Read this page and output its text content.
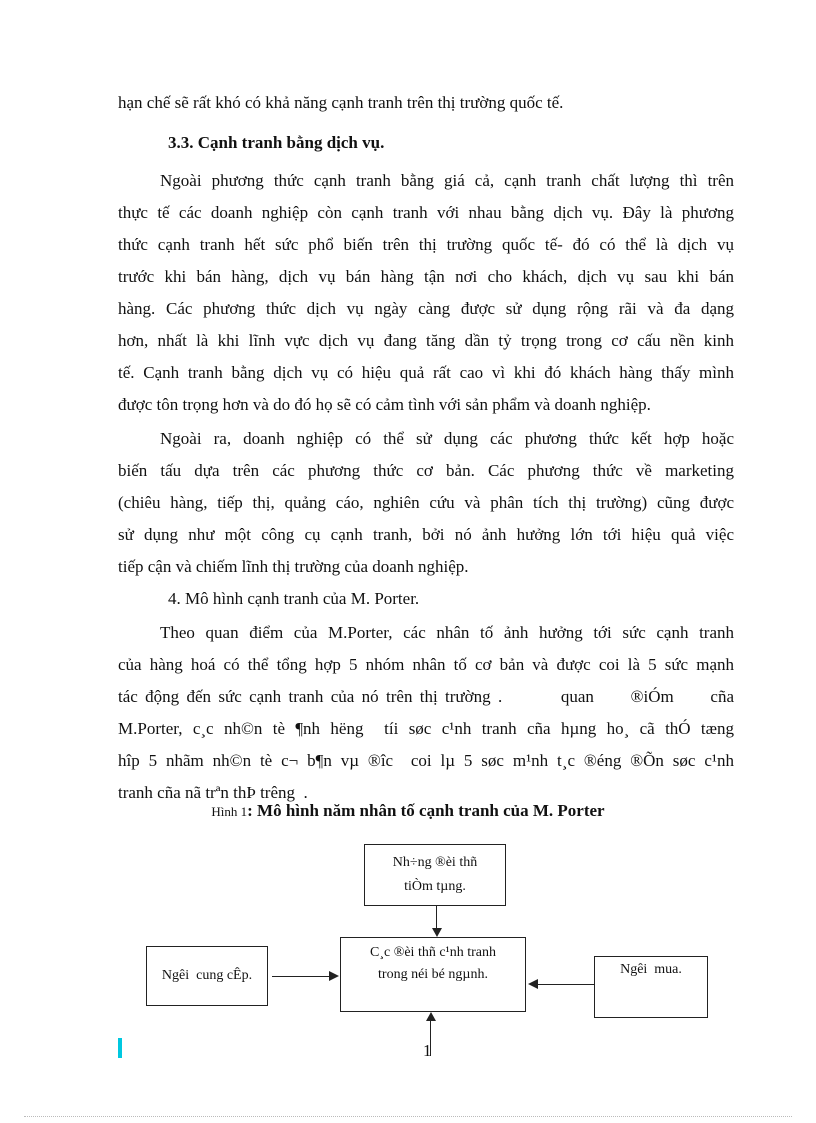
hạn chế sẽ rất khó có khả năng cạnh tranh trên thị trường quốc tế.
3.3. Cạnh tranh bằng dịch vụ.
Ngoài phương thức cạnh tranh bằng giá cả, cạnh tranh chất lượng thì trên
thực tế các doanh nghiệp còn cạnh tranh với nhau bằng dịch vụ. Đây là phương
thức cạnh tranh hết sức phổ biến trên thị trường quốc tế- đó có thể là dịch vụ
trước khi bán hàng, dịch vụ bán hàng tận nơi cho khách, dịch vụ sau khi bán
hàng. Các phương thức dịch vụ ngày càng được sử dụng rộng rãi và đa dạng
hơn, nhất là khi lĩnh vực dịch vụ đang tăng dần tỷ trọng trong cơ cấu nền kinh
tế. Cạnh tranh bằng dịch vụ có hiệu quả rất cao vì khi đó khách hàng thấy mình
được tôn trọng hơn và do đó họ sẽ có cảm tình với sản phẩm và doanh nghiệp.
Ngoài ra, doanh nghiệp có thể sử dụng các phương thức kết hợp hoặc
biến tấu dựa trên các phương thức cơ bản. Các phương thức về marketing
(chiêu hàng, tiếp thị, quảng cáo, nghiên cứu và phân tích thị trường) cũng được
sử dụng như một công cụ cạnh tranh, bởi nó ảnh hưởng lớn tới hiệu quả việc
tiếp cận và chiếm lĩnh thị trường của doanh nghiệp.
4. Mô hình cạnh tranh của M. Porter.
Theo quan điểm của M.Porter, các nhân tố ảnh hưởng tới sức cạnh tranh
của hàng hoá có thể tổng hợp 5 nhóm nhân tố cơ bản và được coi là 5 sức mạnh
tác động đến sức cạnh tranh của nó trên thị trường .        quan     ®iÓm     cña
M.Porter, c¸c nh©n tè ¶nh hëng  tíi søc c¹nh tranh cña hµng ho¸ cã thÓ tæng
hîp 5 nhãm nh©n tè c¬ b¶n vµ ®îc  coi lµ 5 søc m¹nh t¸c ®éng ®Õn søc c¹nh
tranh cña nã trªn thÞ trêng  .
Hình 1: Mô hình năm nhân tố cạnh tranh của M. Porter
Nh÷ng ®èi thñ
tiÒm tµng.
C¸c ®èi thñ c¹nh tranh
trong néi bé ngµnh.
Ngêi  cung cÊp.	Ngêi  mua.
1
